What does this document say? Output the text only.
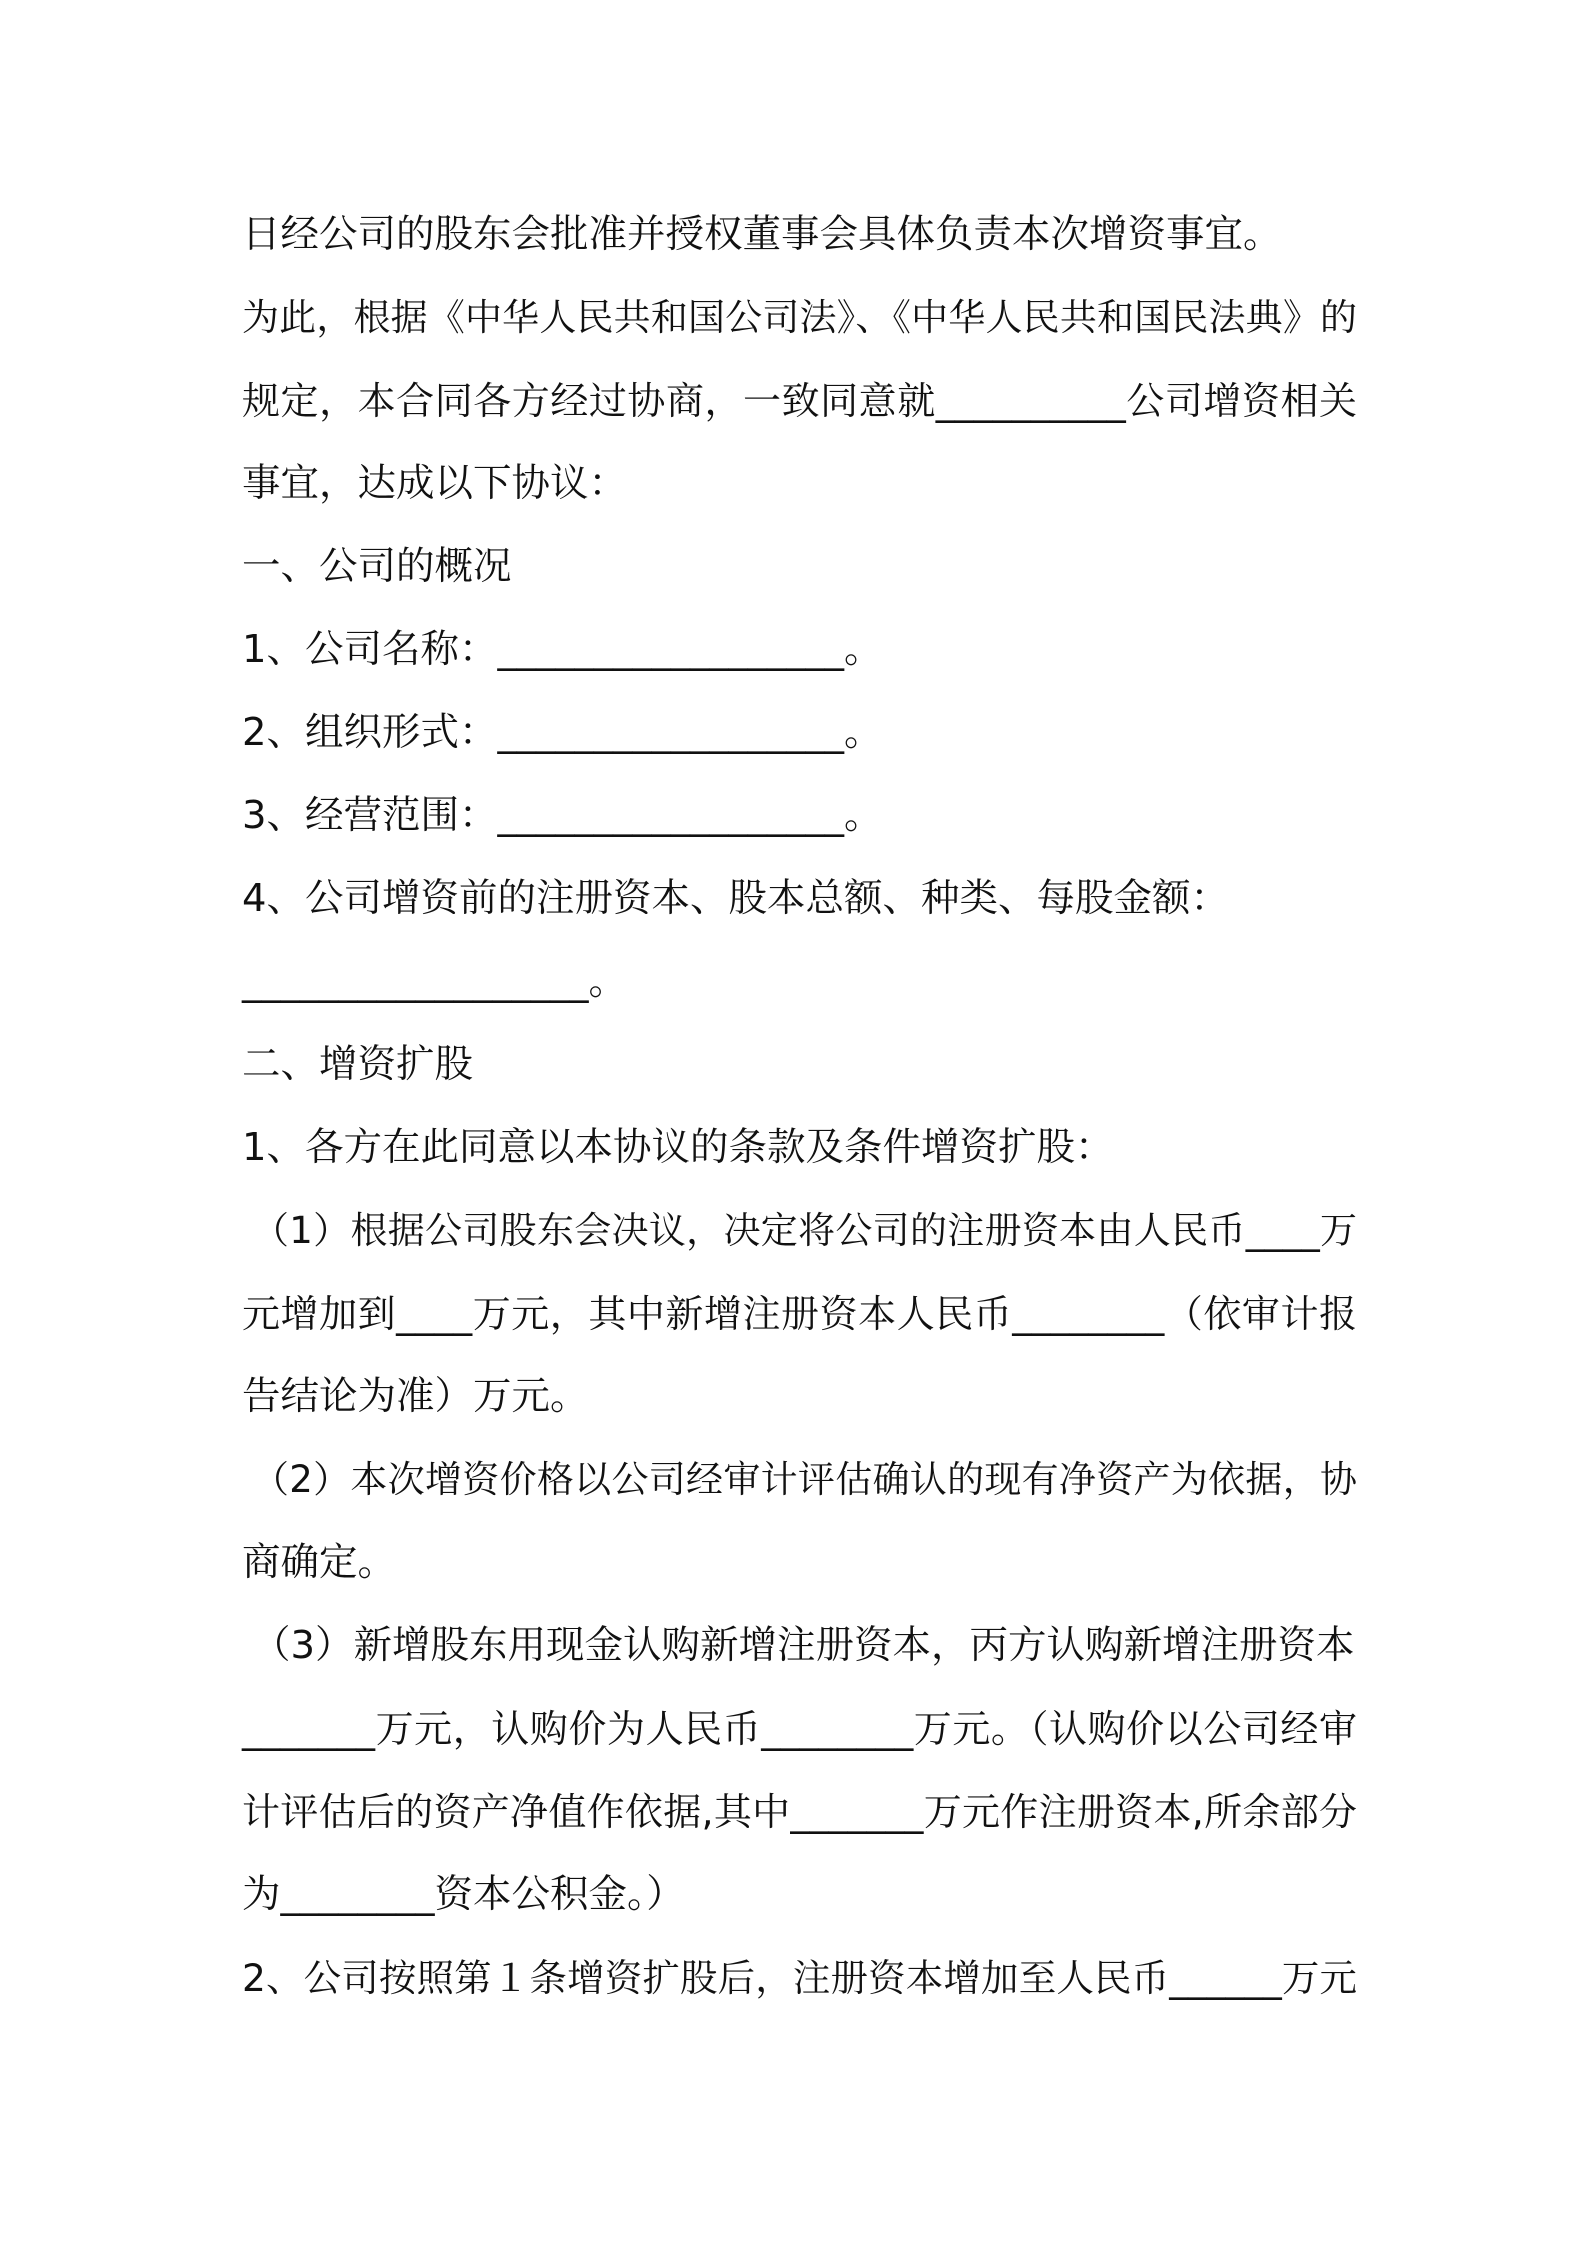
日经公司的股东会批准并授权董事会具体负责本次增资事宜。
为此，根据《中华人民共和国公司法》、《中华人民共和国民法典》的
规定，本合同各方经过协商，一致同意就__________公司增资相关
事宜，达成以下协议：
一、公司的概况
1、公司名称：__________________。
2、组织形式：__________________。
3、经营范围：__________________。
4、公司增资前的注册资本、股本总额、种类、每股金额：
__________________。
二、增资扩股
1、各方在此同意以本协议的条款及条件增资扩股：
（1）根据公司股东会决议，决定将公司的注册资本由人民币____万
元增加到____万元，其中新增注册资本人民币________（依审计报
告结论为准）万元。
（2）本次增资价格以公司经审计评估确认的现有净资产为依据，协
商确定。
（3）新增股东用现金认购新增注册资本，丙方认购新增注册资本
_______万元，认购价为人民币________万元。（认购价以公司经审
计评估后的资产净值作依据,其中_______万元作注册资本,所余部分
为________资本公积金。）
2、公司按照第１条增资扩股后，注册资本增加至人民币______万元
